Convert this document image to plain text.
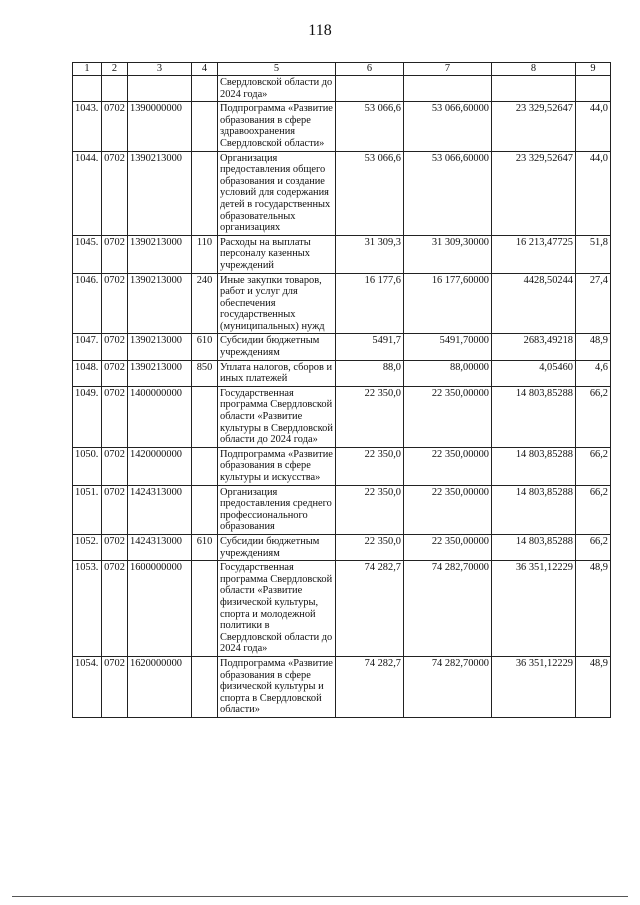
118
1	2	3	4	5	6	7	8	9
				Свердловской области до 2024 года»				
1043.	0702	1390000000		Подпрограмма «Развитие образования в сфере здравоохранения Свердловской области»	53 066,6	53 066,60000	23 329,52647	44,0
1044.	0702	1390213000		Организация предоставления общего образования и создание условий для содержания детей в государственных образовательных организациях	53 066,6	53 066,60000	23 329,52647	44,0
1045.	0702	1390213000	110	Расходы на выплаты персоналу казенных учреждений	31 309,3	31 309,30000	16 213,47725	51,8
1046.	0702	1390213000	240	Иные закупки товаров, работ и услуг для обеспечения государственных (муниципальных) нужд	16 177,6	16 177,60000	4428,50244	27,4
1047.	0702	1390213000	610	Субсидии бюджетным учреждениям	5491,7	5491,70000	2683,49218	48,9
1048.	0702	1390213000	850	Уплата налогов, сборов и иных платежей	88,0	88,00000	4,05460	4,6
1049.	0702	1400000000		Государственная программа Свердловской области «Развитие культуры в Свердловской области до 2024 года»	22 350,0	22 350,00000	14 803,85288	66,2
1050.	0702	1420000000		Подпрограмма «Развитие образования в сфере культуры и искусства»	22 350,0	22 350,00000	14 803,85288	66,2
1051.	0702	1424313000		Организация предоставления среднего профессионального образования	22 350,0	22 350,00000	14 803,85288	66,2
1052.	0702	1424313000	610	Субсидии бюджетным учреждениям	22 350,0	22 350,00000	14 803,85288	66,2
1053.	0702	1600000000		Государственная программа Свердловской области «Развитие физической культуры, спорта и молодежной политики в Свердловской области до 2024 года»	74 282,7	74 282,70000	36 351,12229	48,9
1054.	0702	1620000000		Подпрограмма «Развитие образования в сфере физической культуры и спорта в Свердловской области»	74 282,7	74 282,70000	36 351,12229	48,9
